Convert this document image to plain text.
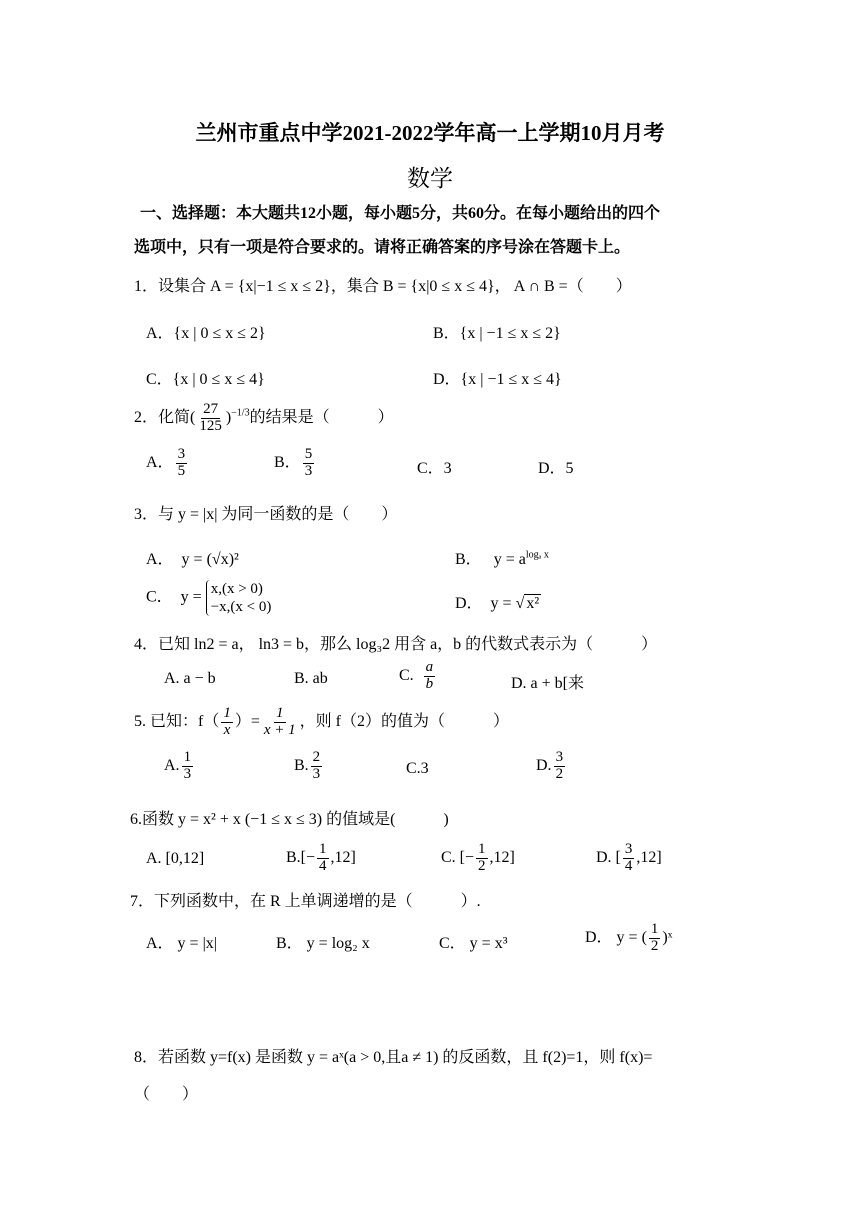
兰州市重点中学2021-2022学年高一上学期10月月考
数学
一、选择题：本大题共12小题，每小题5分，共60分。在每小题给出的四个
选项中，只有一项是符合要求的。请将正确答案的序号涂在答题卡上。
1．设集合 A = {x|−1 ≤ x ≤ 2}，集合 B = {x|0 ≤ x ≤ 4}， A ∩ B =（　　）
A．{x | 0 ≤ x ≤ 2}	B．{x | −1 ≤ x ≤ 2}
C．{x | 0 ≤ x ≤ 4}	D．{x | −1 ≤ x ≤ 4}
2．化简( $\frac{27}{125} )^{-1/3}$的结果是（　　　）
A． $\frac{3}{5}$	B． $\frac{5}{3}$	C．3	D．5
3．与 y = |x| 为同一函数的是（　　）
A．　y = (√x)²	B． $y = a^{log_a x}$
C．　y = x,(x > 0)
−x,(x < 0)	D．　y = √ x²
4．已知 ln2 = a， ln3 = b，那么 log₃2 用含 a，b 的代数式表示为（　　　）
A. a − b	B. ab	C. $\frac{a}{b}$	D. a + b[来
5. 已知：$f( \frac{1}{x}$ ）= $\frac{1}{x + 1}$ ，则 f（2）的值为（　　　）
A. $\frac{1}{3}$	B. $\frac{2}{3}$	C.3	D. $\frac{3}{2}$
6.函数 y = x² + x (−1 ≤ x ≤ 3) 的值域是(　　　)
A. [0,12]	$B.[- \frac{1}{4} ,12]$	C. [− $\frac{1}{2} ,12$]	D. [ $\frac{3}{4} ,12$]
7．下列函数中，在 R 上单调递增的是（　　　）.
A． y = |x|	B． y = log₂ x	C． y = x³	D． y = ( $\frac{1}{2}$ )ˣ
8．若函数 y=f(x) 是函数 y = aˣ(a > 0,且a ≠ 1) 的反函数，且 f(2)=1，则 f(x)=
（　　）
